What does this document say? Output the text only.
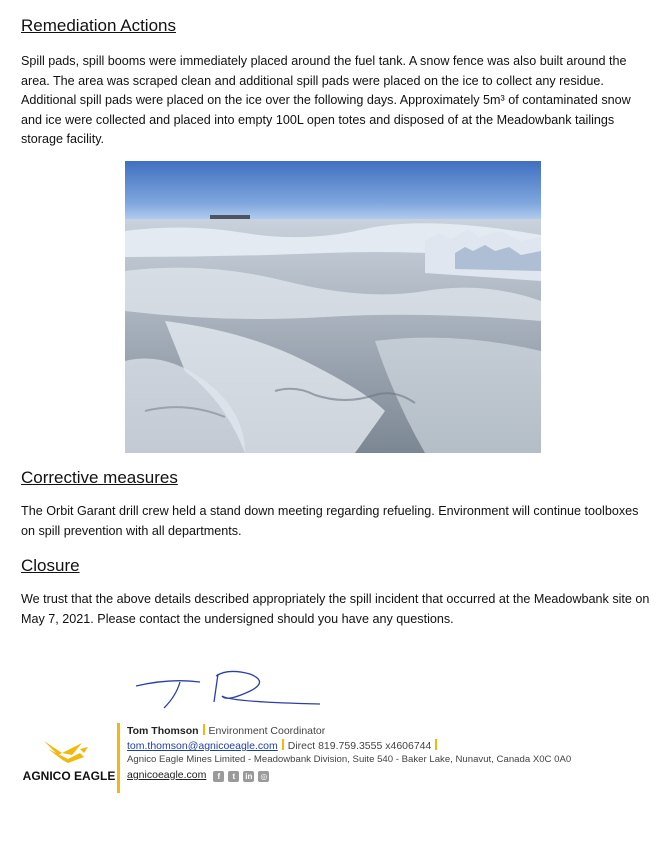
Remediation Actions

Spill pads, spill booms were immediately placed around the fuel tank. A snow fence was also built around the area. The area was scraped clean and additional spill pads were placed on the ice to collect any residue. Additional spill pads were placed on the ice over the following days. Approximately 5m³ of contaminated snow and ice were collected and placed into empty 100L open totes and disposed of at the Meadowbank tailings storage facility.

Corrective measures

The Orbit Garant drill crew held a stand down meeting regarding refueling. Environment will continue toolboxes on spill prevention with all departments.

Closure

We trust that the above details described appropriately the spill incident that occurred at the Meadowbank site on May 7, 2021. Please contact the undersigned should you have any questions.

AGNICO EAGLE
Tom Thomson Environment Coordinator
tom.thomson@agnicoeagle.com Direct 819.759.3555 x4606744
Agnico Eagle Mines Limited - Meadowbank Division, Suite 540 - Baker Lake, Nunavut, Canada X0C 0A0
agnicoeagle.com f t in ◎
